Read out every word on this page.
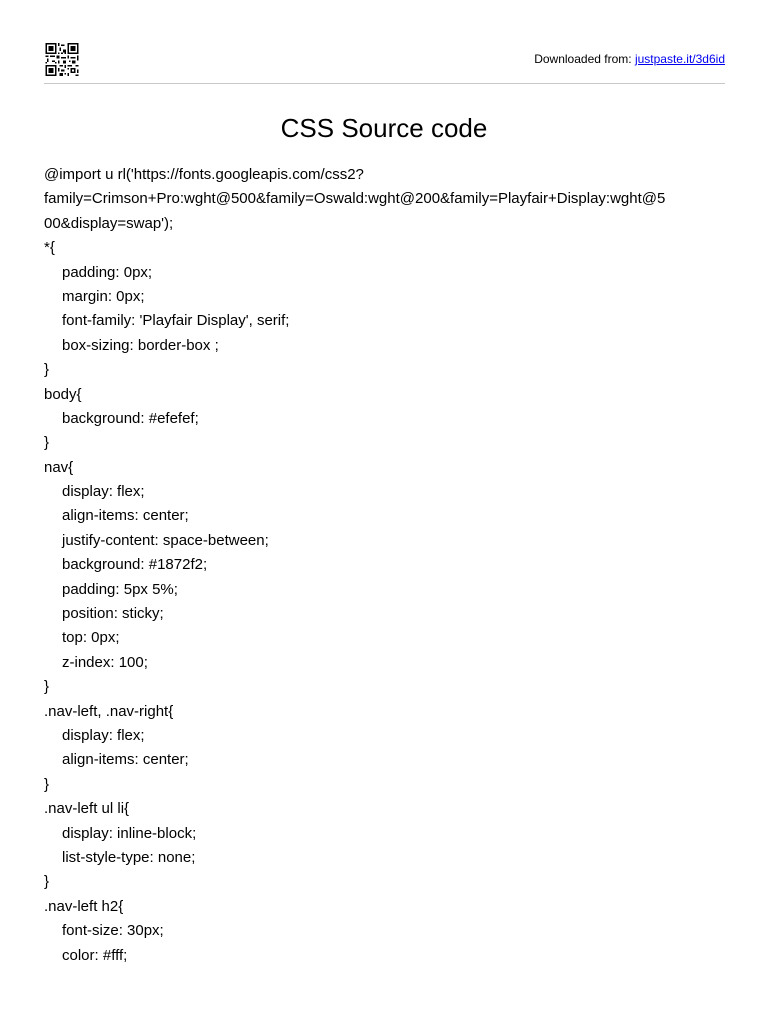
Downloaded from: justpaste.it/3d6id
CSS Source code
@import u rl('https://fonts.googleapis.com/css2?
family=Crimson+Pro:wght@500&family=Oswald:wght@200&family=Playfair+Display:wght@5
00&display=swap');
*{
padding: 0px;
margin: 0px;
font-family: 'Playfair Display', serif;
box-sizing: border-box ;
}
body{
background: #efefef;
}
nav{
display: flex;
align-items: center;
justify-content: space-between;
background: #1872f2;
padding: 5px 5%;
position: sticky;
top: 0px;
z-index: 100;
}
.nav-left, .nav-right{
display: flex;
align-items: center;
}
.nav-left ul li{
display: inline-block;
list-style-type: none;
}
.nav-left h2{
font-size: 30px;
color: #fff;
